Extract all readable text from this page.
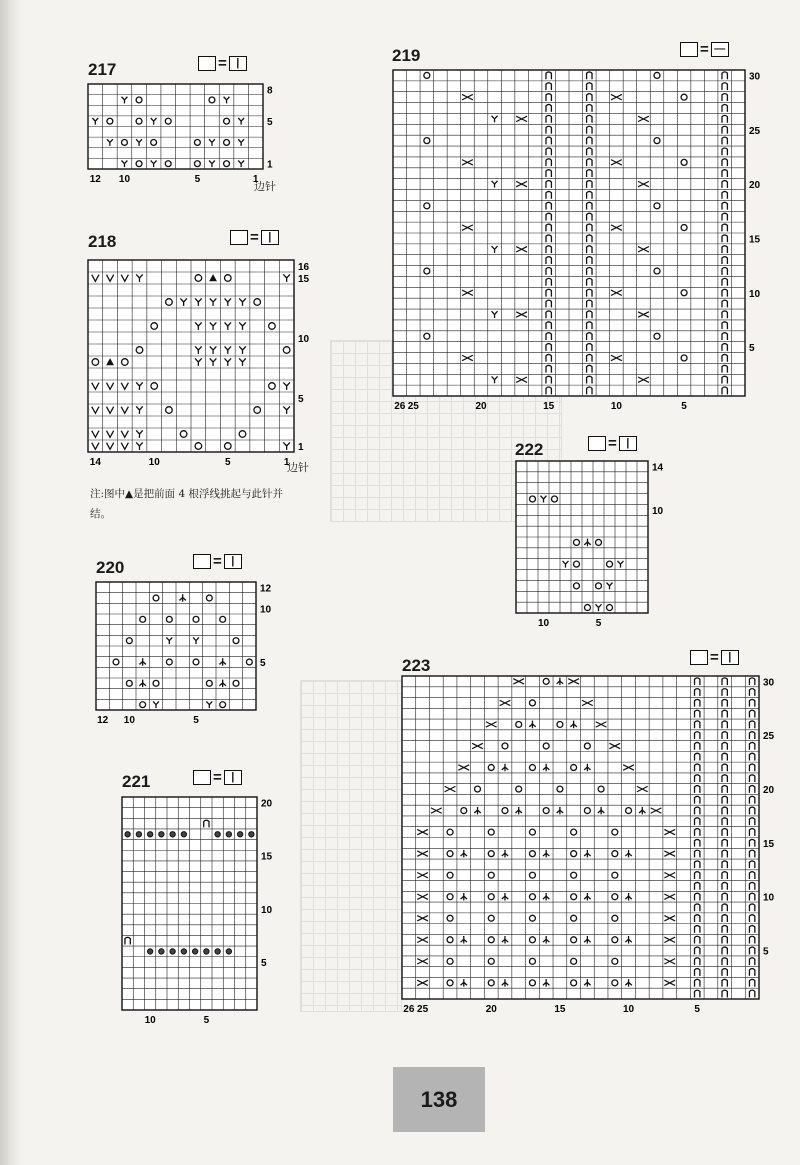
217	= |
1
5
8
12 10	5	1
边针
218	= |
1
5
10
15
16
14	10	5	1
边针
注:图中▲是把前面 4 根浮线挑起与此针并结。
219	= —
5
10
15
20
25
30
26 25	20	15	10	5
220	= |
5
10
12
12 10	5
221	= |
5
10
15
20
10	5
222	= |
10
14
10	5
223	= |
5
10
15
20
25
30
26 25	20	15	10	5
138
